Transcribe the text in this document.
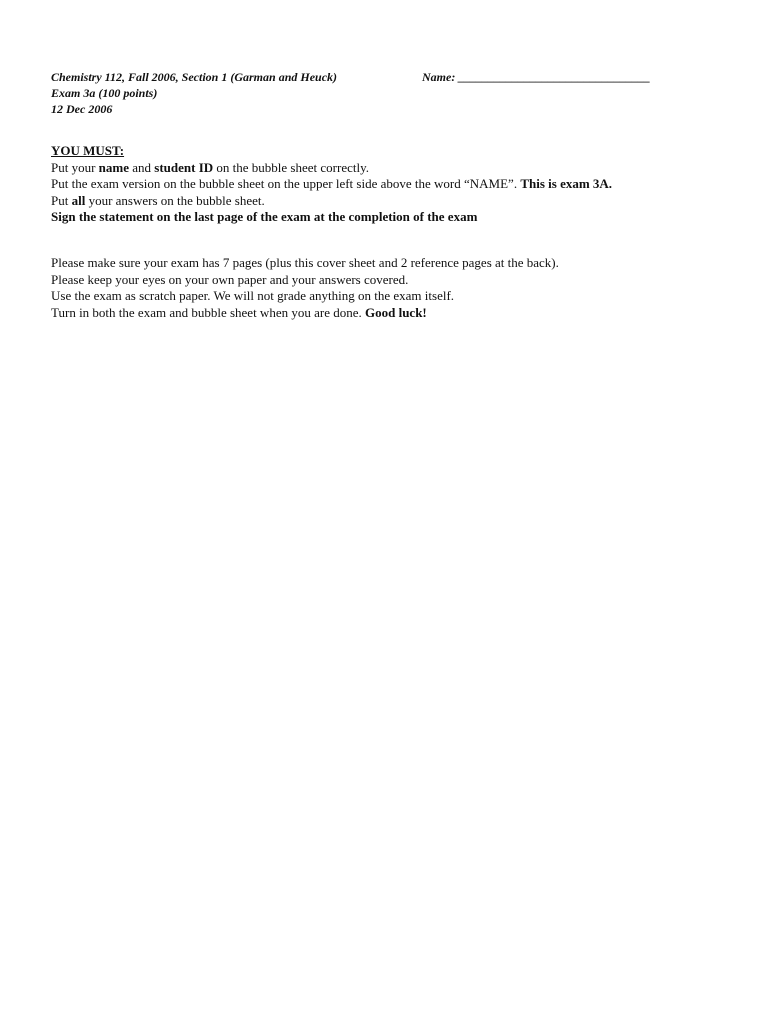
Chemistry 112, Fall 2006, Section 1 (Garman and Heuck)	Name: ________________________________
Exam 3a (100 points)
12 Dec 2006
YOU MUST:
Put your name and student ID on the bubble sheet correctly.
Put the exam version on the bubble sheet on the upper left side above the word “NAME”. This is exam 3A.
Put all your answers on the bubble sheet.
Sign the statement on the last page of the exam at the completion of the exam
Please make sure your exam has 7 pages (plus this cover sheet and 2 reference pages at the back).
Please keep your eyes on your own paper and your answers covered.
Use the exam as scratch paper. We will not grade anything on the exam itself.
Turn in both the exam and bubble sheet when you are done. Good luck!
